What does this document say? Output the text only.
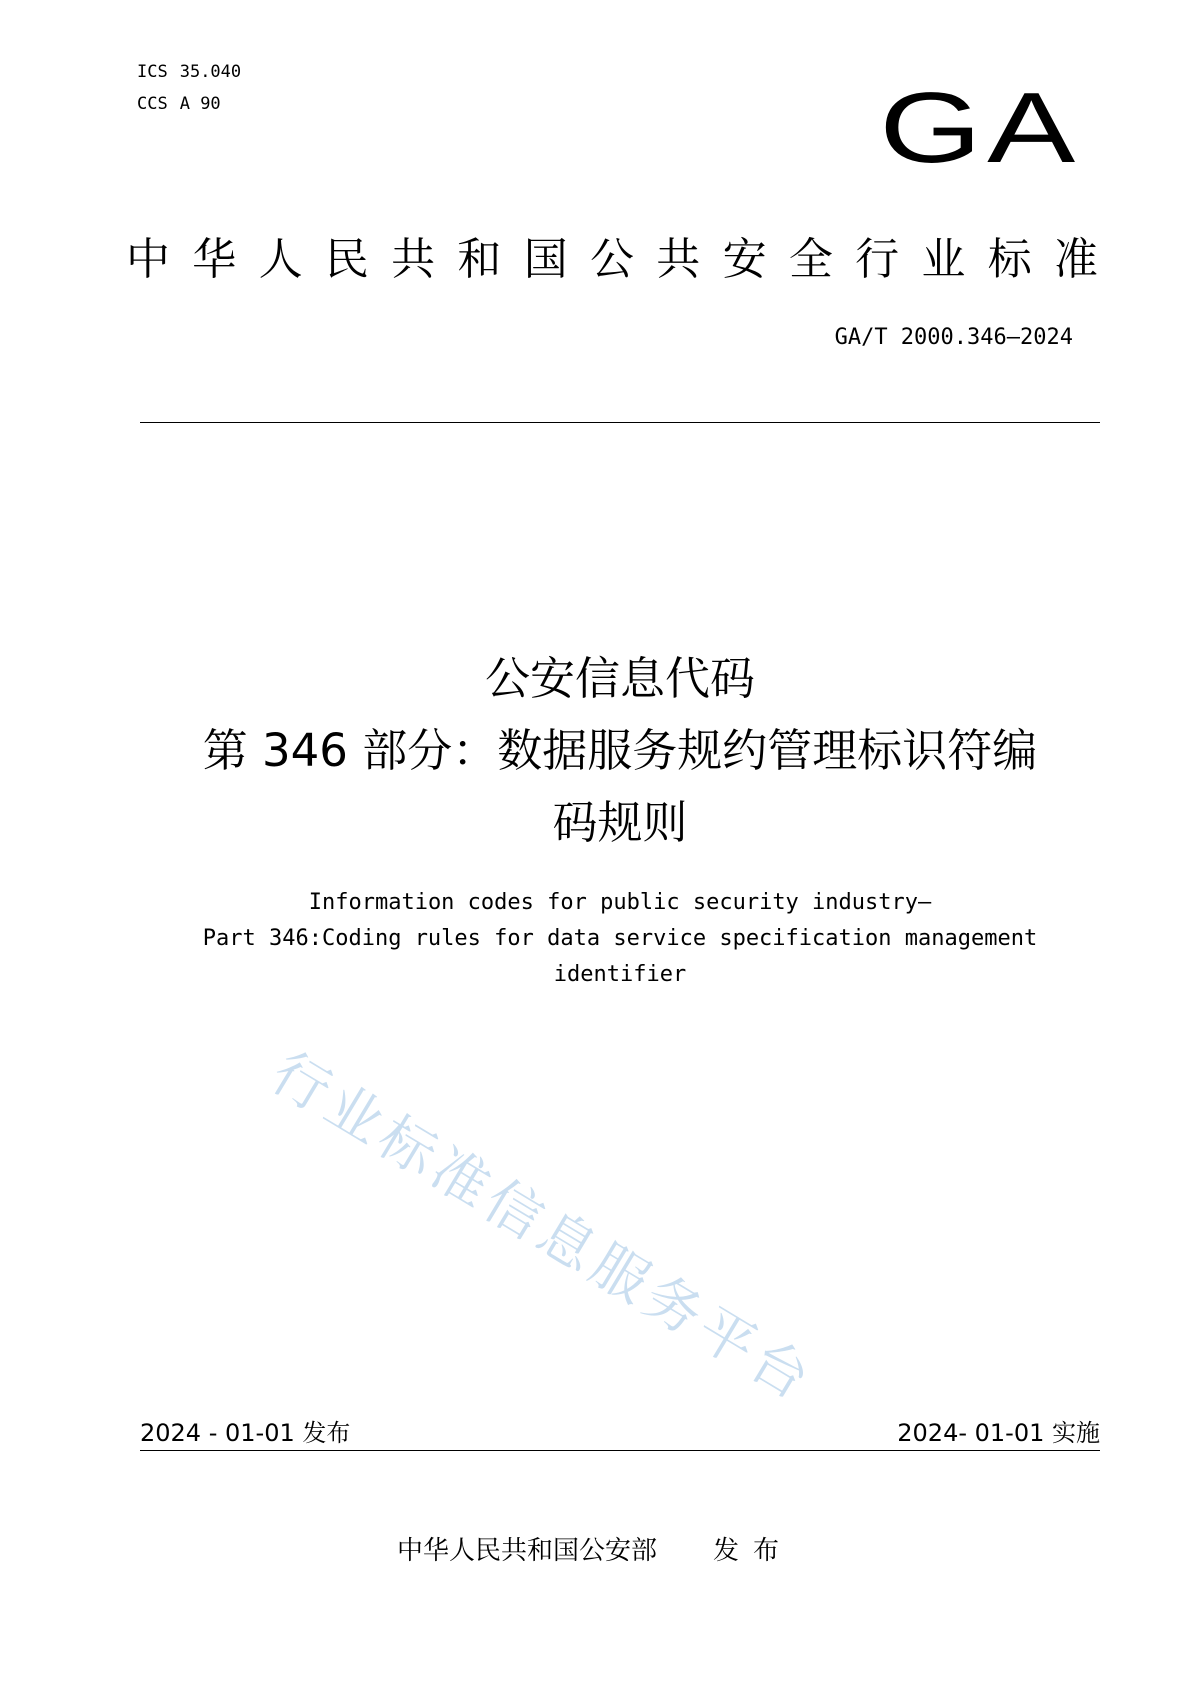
ICS 35.040
CCS A 90	GA
中华人民共和国公共安全行业标准
GA/T 2000.346—2024
公安信息代码
第 346 部分：数据服务规约管理标识符编
码规则
Information codes for public security industry—
Part 346:Coding rules for data service specification management
identifier
行业标准信息服务平台
2024 - 01-01 发布	2024- 01-01 实施
中华人民共和国公安部 发布
